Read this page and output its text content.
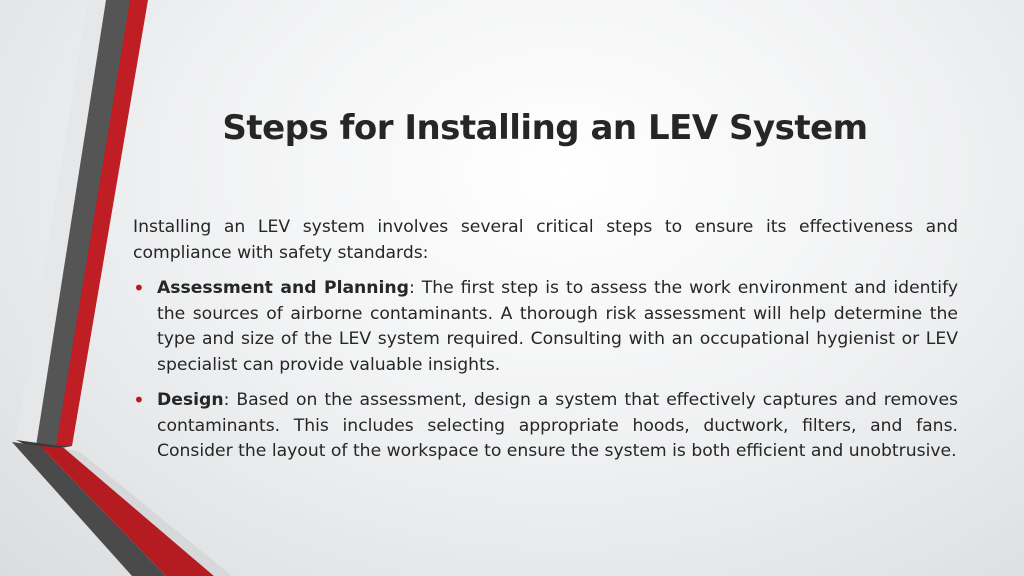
Steps for Installing an LEV System

Installing an LEV system involves several critical steps to ensure its effectiveness and compliance with safety standards:

• Assessment and Planning: The first step is to assess the work environment and identify the sources of airborne contaminants. A thorough risk assessment will help determine the type and size of the LEV system required. Consulting with an occupational hygienist or LEV specialist can provide valuable insights.
• Design: Based on the assessment, design a system that effectively captures and removes contaminants. This includes selecting appropriate hoods, ductwork, filters, and fans. Consider the layout of the workspace to ensure the system is both efficient and unobtrusive.
